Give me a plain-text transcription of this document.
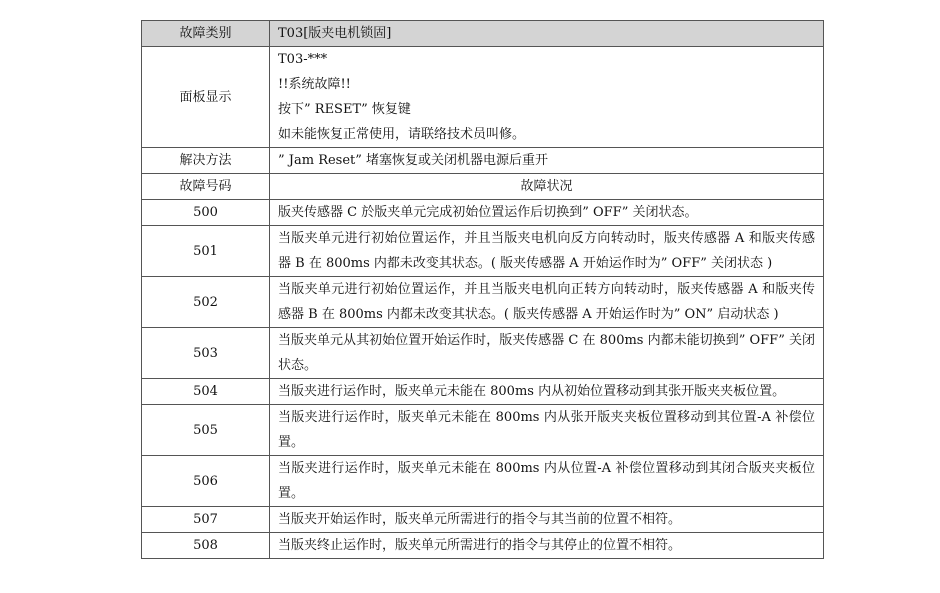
故障类别	T03[版夹电机锁固]
面板显示	T03-***
!!系统故障!!
按下” RESET” 恢复键
如未能恢复正常使用，请联络技术员叫修。

解决方法	” Jam Reset” 堵塞恢复或关闭机器电源后重开
故障号码	故障状况
500	版夹传感器 C 於版夹单元完成初始位置运作后切换到” OFF” 关闭状态。
501	当版夹单元进行初始位置运作，并且当版夹电机向反方向转动时，版夹传感器 A 和版夹传感器 B 在 800ms 内都未改变其状态。( 版夹传感器 A 开始运作时为” OFF” 关闭状态 )
502	当版夹单元进行初始位置运作，并且当版夹电机向正转方向转动时，版夹传感器 A 和版夹传感器 B 在 800ms 内都未改变其状态。( 版夹传感器 A 开始运作时为” ON” 启动状态 )
503	当版夹单元从其初始位置开始运作时，版夹传感器 C 在 800ms 内都未能切换到” OFF” 关闭状态。
504	当版夹进行运作时，版夹单元未能在 800ms 内从初始位置移动到其张开版夹夹板位置。
505	当版夹进行运作时，版夹单元未能在 800ms 内从张开版夹夹板位置移动到其位置-A 补偿位置。
506	当版夹进行运作时，版夹单元未能在 800ms 内从位置-A 补偿位置移动到其闭合版夹夹板位置。
507	当版夹开始运作时，版夹单元所需进行的指令与其当前的位置不相符。
508	当版夹终止运作时，版夹单元所需进行的指令与其停止的位置不相符。
